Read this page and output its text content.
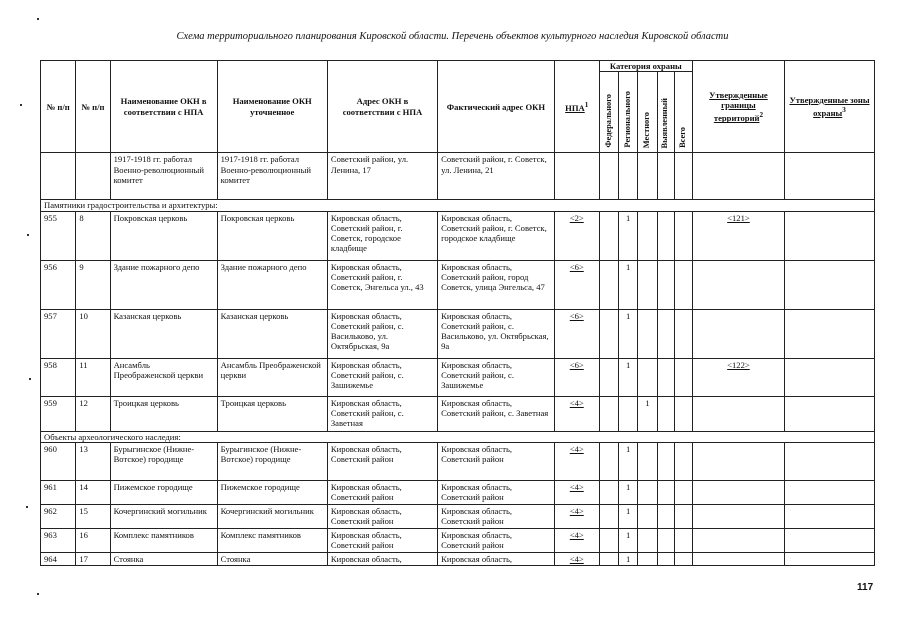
Схема территориального планирования Кировской области. Перечень объектов культурного наследия Кировской области
№ п/п	№ п/п	Наименование ОКН в соответствии с НПА	Наименование ОКН уточненное	Адрес ОКН в соответствии с НПА	Фактический адрес ОКН	НПА$^1$	Категория охраны					Утвержденные границы территорий$^2$	Утвержденные зоны охраны$^3$
							Федерального	Регионального	Местного	Выявленный	Всего		
		1917-1918 гг. работал Военно-революционный комитет	1917-1918 гг. работал Военно-революционный комитет	Советский район, ул. Ленина, 17	Советский район, г. Советск, ул. Ленина, 21								
Памятники градостроительства и архитектуры:													
955	8	Покровская церковь	Покровская церковь	Кировская область, Советский район, г. Советск, городское кладбище	Кировская область, Советский район, г. Советск, городское кладбище	<2>		1				<121>	
956	9	Здание пожарного депо	Здание пожарного депо	Кировская область, Советский район, г. Советск, Энгельса ул., 43	Кировская область, Советский район, город Советск, улица Энгельса, 47	<6>		1					
957	10	Казанская церковь	Казанская церковь	Кировская область, Советский район, с. Васильково, ул. Октябрьская, 9а	Кировская область, Советский район, с. Васильково, ул. Октябрьская, 9а	<6>		1					
958	11	Ансамбль Преображенской церкви	Ансамбль Преображенской церкви	Кировская область, Советский район, с. Зашижемье	Кировская область, Советский район, с. Зашижемье	<6>		1				<122>	
959	12	Троицкая церковь	Троицкая церковь	Кировская область, Советский район, с. Заветная	Кировская область, Советский район, с. Заветная	<4>			1				
Объекты археологического наследия:													
960	13	Бурыгинское (Нижне-Вотское) городище	Бурыгинское (Нижне-Вотское) городище	Кировская область, Советский район	Кировская область, Советский район	<4>		1					
961	14	Пижемское городище	Пижемское городище	Кировская область, Советский район	Кировская область, Советский район	<4>		1					
962	15	Кочергинский могильник	Кочергинский могильник	Кировская область, Советский район	Кировская область, Советский район	<4>		1					
963	16	Комплекс памятников	Комплекс памятников	Кировская область, Советский район	Кировская область, Советский район	<4>		1					
964	17	Стоянка	Стоянка	Кировская область,	Кировская область,	<4>		1					
117
